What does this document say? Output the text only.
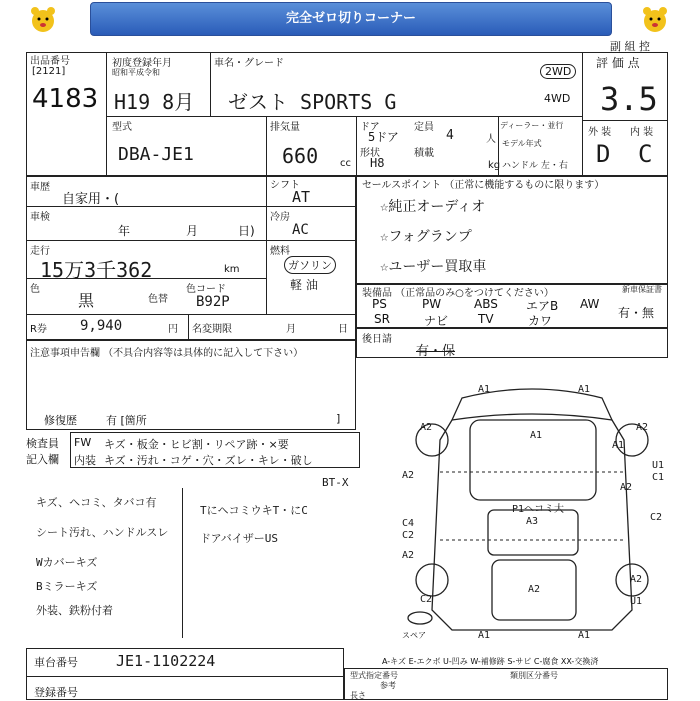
完全ゼロ切りコーナー
副 組 控
出品番号
[2121]
4183
初度登録年月
昭和平成令和
H19 8月
車名・グレード
ゼスト SPORTS G
2WD
4WD
評 価 点
3.5
外 装 内 装
D C
型式
DBA-JE1
排気量
660 cc
ドア
5ドア
定員
4	人
形状
H8
積載
kg
ディーラー・並行
モデル年式
ハンドル 左・右
車歴
自家用・(
車検
年	月	日)
走行
15万3千362	km
色
黒	色替
色コード
B92P
シフト
AT
冷房
AC
燃料
ガソリン
軽 油
R券 9,940	円 名変期限	月	日
注意事項申告欄 （不具合内容等は具体的に記入して下さい）
修復歴	有 [箇所	]
セールスポイント （正常に機能するものに限ります）
☆純正オーディオ
☆フォグランプ
☆ユーザー買取車
装備品 （正常品のみ○をつけてください）	新車保証書
PS	PW	ABS エアB AW
SR	ナビ TV	カワ
有・無
後日請
有・保
検査員 記入欄
FW キズ・板金・ヒビ割・リペア跡・×要
内装 キズ・汚れ・コゲ・穴・ズレ・キレ・破し
BT-X
キズ、ヘコミ、タバコ有
シート汚れ、ハンドルスレ
Wカバーキズ
Bミラーキズ
外装、鉄粉付着
TにヘコミウキT・にC
ドアバイザーUS
A1	A1
A2	A2
A1
A2
A1
A2
U1
C1
C2
C4
C2
P1ヘコミ大
A3
A2
A2
U1
C2
A2
A1	A1
スペア
A-キズ E-エクボ U-凹み W-補修跡 S-サビ C-腐食 XX-交換済
車台番号	JE1-1102224
登録番号
型式指定番号
参考
類別区分番号
長さ
